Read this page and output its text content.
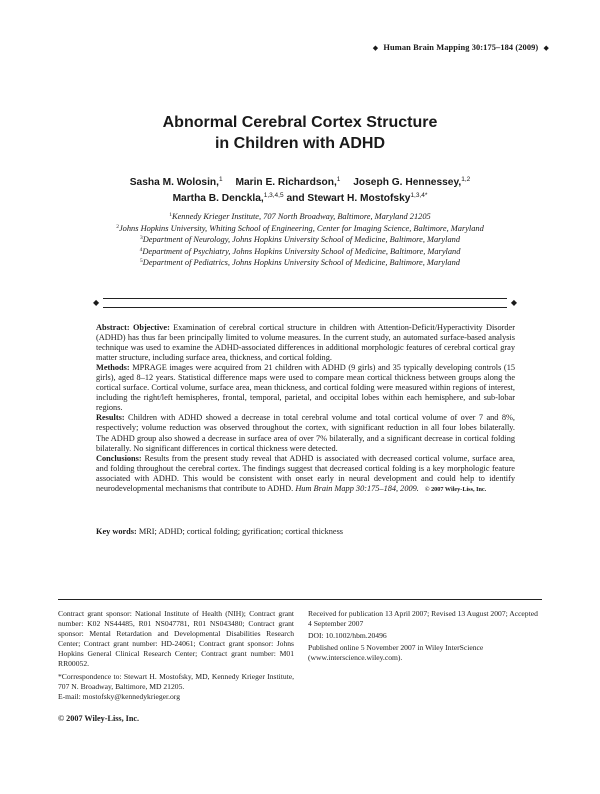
◆ Human Brain Mapping 30:175–184 (2009) ◆
Abnormal Cerebral Cortex Structure
in Children with ADHD
Sasha M. Wolosin,$^1$ Marin E. Richardson,$^1$ Joseph G. Hennessey,$^{1,2}$
Martha B. Denckla,$^{1,3,4,5}$ and Stewart H. Mostofsky$^{1,3,4*}$
$^1$Kennedy Krieger Institute, 707 North Broadway, Baltimore, Maryland 21205
$^2$Johns Hopkins University, Whiting School of Engineering, Center for Imaging Science, Baltimore, Maryland
$^3$Department of Neurology, Johns Hopkins University School of Medicine, Baltimore, Maryland
$^4$Department of Psychiatry, Johns Hopkins University School of Medicine, Baltimore, Maryland
$^5$Department of Pediatrics, Johns Hopkins University School of Medicine, Baltimore, Maryland
◆	◆

Abstract: Objective: Examination of cerebral cortical structure in children with Attention-Deficit/Hyperactivity Disorder (ADHD) has thus far been principally limited to volume measures. In the current study, an automated surface-based analysis technique was used to examine the ADHD-associated differences in additional morphologic features of cerebral cortical gray matter structure, including surface area, thickness, and cortical folding.

Methods: MPRAGE images were acquired from 21 children with ADHD (9 girls) and 35 typically developing controls (15 girls), aged 8–12 years. Statistical difference maps were used to compare mean cortical thickness between groups along the cortical surface. Cortical volume, surface area, mean thickness, and cortical folding were measured within regions of interest, including the right/left hemispheres, frontal, temporal, parietal, and occipital lobes within each hemisphere, and sub-lobar regions.

Results: Children with ADHD showed a decrease in total cerebral volume and total cortical volume of over 7 and 8%, respectively; volume reduction was observed throughout the cortex, with significant reduction in all four lobes bilaterally. The ADHD group also showed a decrease in surface area of over 7% bilaterally, and a significant decrease in cortical folding bilaterally. No significant differences in cortical thickness were detected.

Conclusions: Results from the present study reveal that ADHD is associated with decreased cortical volume, surface area, and folding throughout the cerebral cortex. The findings suggest that decreased cortical folding is a key morphologic feature associated with ADHD. This would be consistent with onset early in neural development and could help to identify neurodevelopmental mechanisms that contribute to ADHD. Hum Brain Mapp 30:175–184, 2009. © 2007 Wiley-Liss, Inc.

Key words: MRI; ADHD; cortical folding; gyrification; cortical thickness

Contract grant sponsor: National Institute of Health (NIH); Contract grant number: K02 NS44485, R01 NS047781, R01 NS043480; Contract grant sponsor: Mental Retardation and Developmental Disabilities Research Center; Contract grant number: HD-24061; Contract grant sponsor: Johns Hopkins General Clinical Research Center; Contract grant number: M01 RR00052.

*Correspondence to: Stewart H. Mostofsky, MD, Kennedy Krieger Institute, 707 N. Broadway, Baltimore, MD 21205.

E-mail: mostofsky@kennedykrieger.org

Received for publication 13 April 2007; Revised 13 August 2007; Accepted 4 September 2007

DOI: 10.1002/hbm.20496

Published online 5 November 2007 in Wiley InterScience (www.interscience.wiley.com).

© 2007 Wiley-Liss, Inc.
